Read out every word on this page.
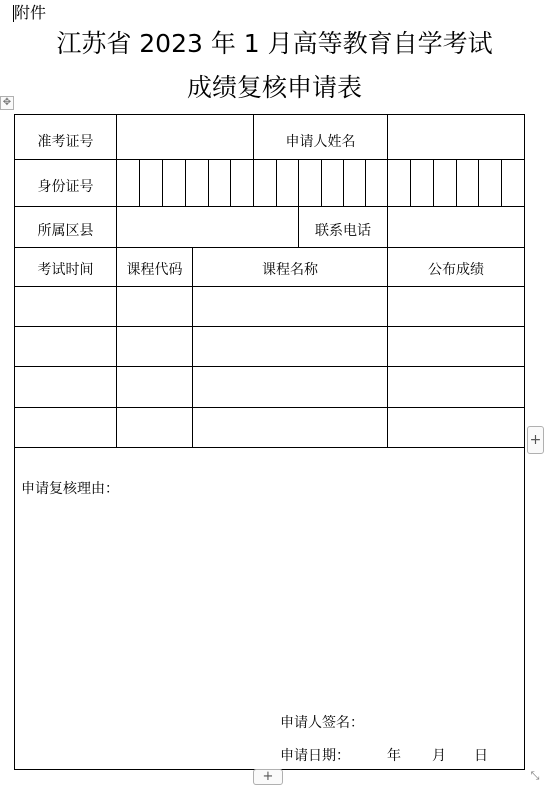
附件
江苏省 2023 年 1 月高等教育自学考试
成绩复核申请表
✥
准考证号	申请人姓名
身份证号
所属区县	联系电话
考试时间	课程代码	课程名称	公布成绩
申请复核理由：
申请人签名：
申请日期：	年 月 日
+
+	⤡
